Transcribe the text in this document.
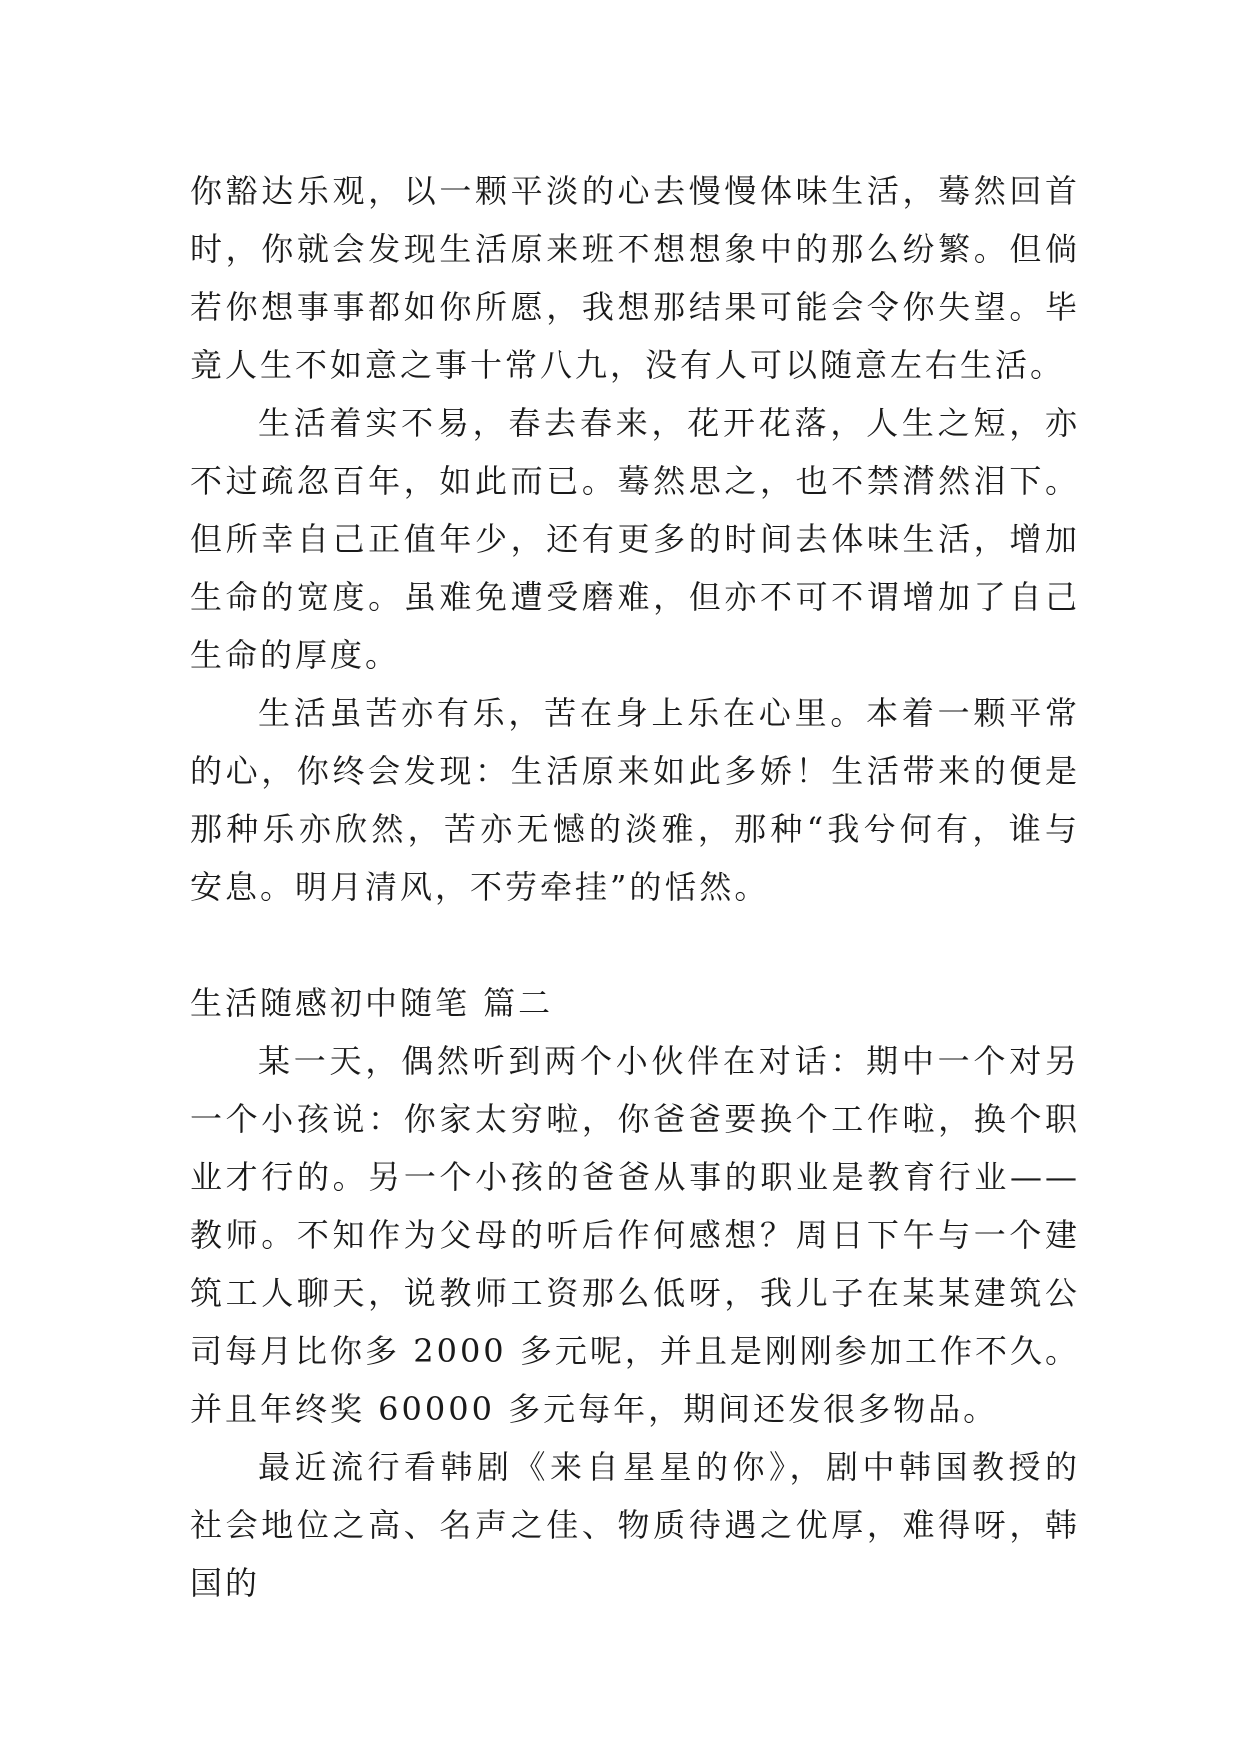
你豁达乐观，以一颗平淡的心去慢慢体味生活，蓦然回首时，你就会发现生活原来班不想想象中的那么纷繁。但倘若你想事事都如你所愿，我想那结果可能会令你失望。毕竟人生不如意之事十常八九，没有人可以随意左右生活。

生活着实不易，春去春来，花开花落，人生之短，亦不过疏忽百年，如此而已。蓦然思之，也不禁潸然泪下。但所幸自己正值年少，还有更多的时间去体味生活，增加生命的宽度。虽难免遭受磨难，但亦不可不谓增加了自己生命的厚度。

生活虽苦亦有乐，苦在身上乐在心里。本着一颗平常的心，你终会发现：生活原来如此多娇！生活带来的便是那种乐亦欣然，苦亦无憾的淡雅，那种“我兮何有，谁与安息。明月清风，不劳牵挂”的恬然。

生活随感初中随笔 篇二

某一天，偶然听到两个小伙伴在对话：期中一个对另一个小孩说：你家太穷啦，你爸爸要换个工作啦，换个职业才行的。另一个小孩的爸爸从事的职业是教育行业——教师。不知作为父母的听后作何感想？周日下午与一个建筑工人聊天，说教师工资那么低呀，我儿子在某某建筑公司每月比你多 2000 多元呢，并且是刚刚参加工作不久。并且年终奖 60000 多元每年，期间还发很多物品。

最近流行看韩剧《来自星星的你》，剧中韩国教授的社会地位之高、名声之佳、物质待遇之优厚，难得呀，韩国的
